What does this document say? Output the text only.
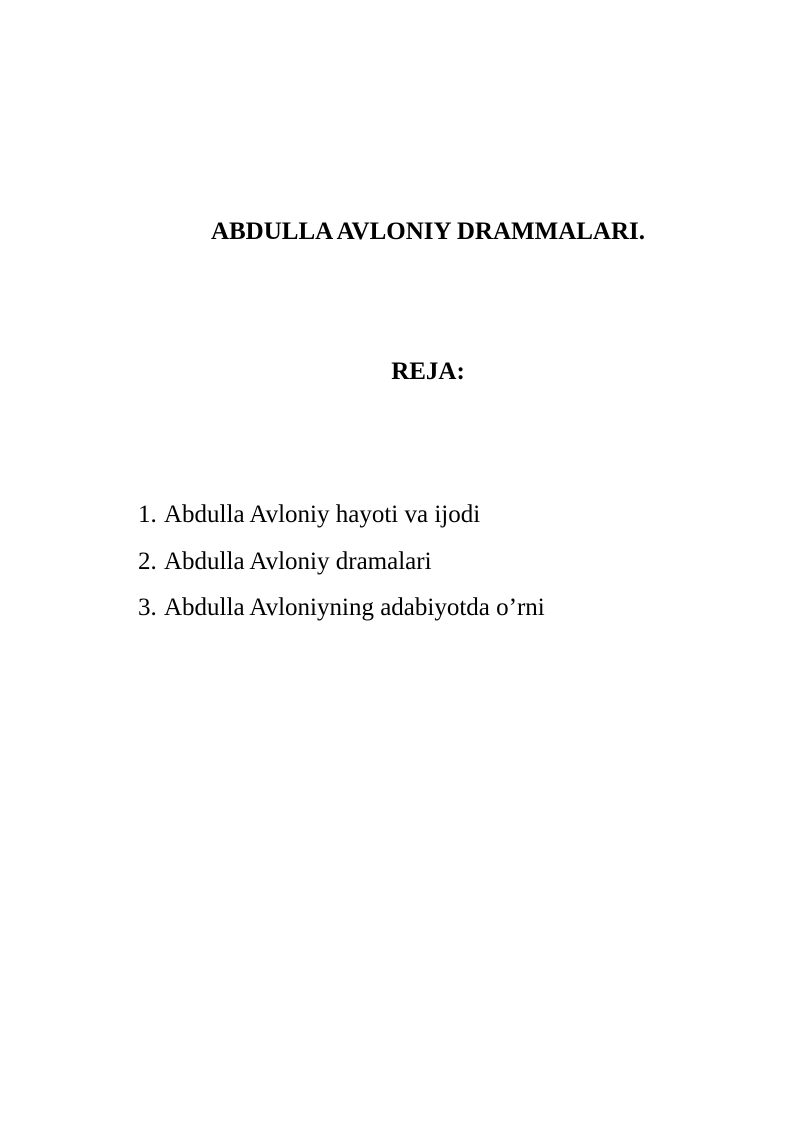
ABDULLA AVLONIY DRAMMALARI.
REJA:
1. Abdulla Avloniy hayoti va ijodi
2. Abdulla Avloniy dramalari
3. Abdulla Avloniyning adabiyotda o’rni
